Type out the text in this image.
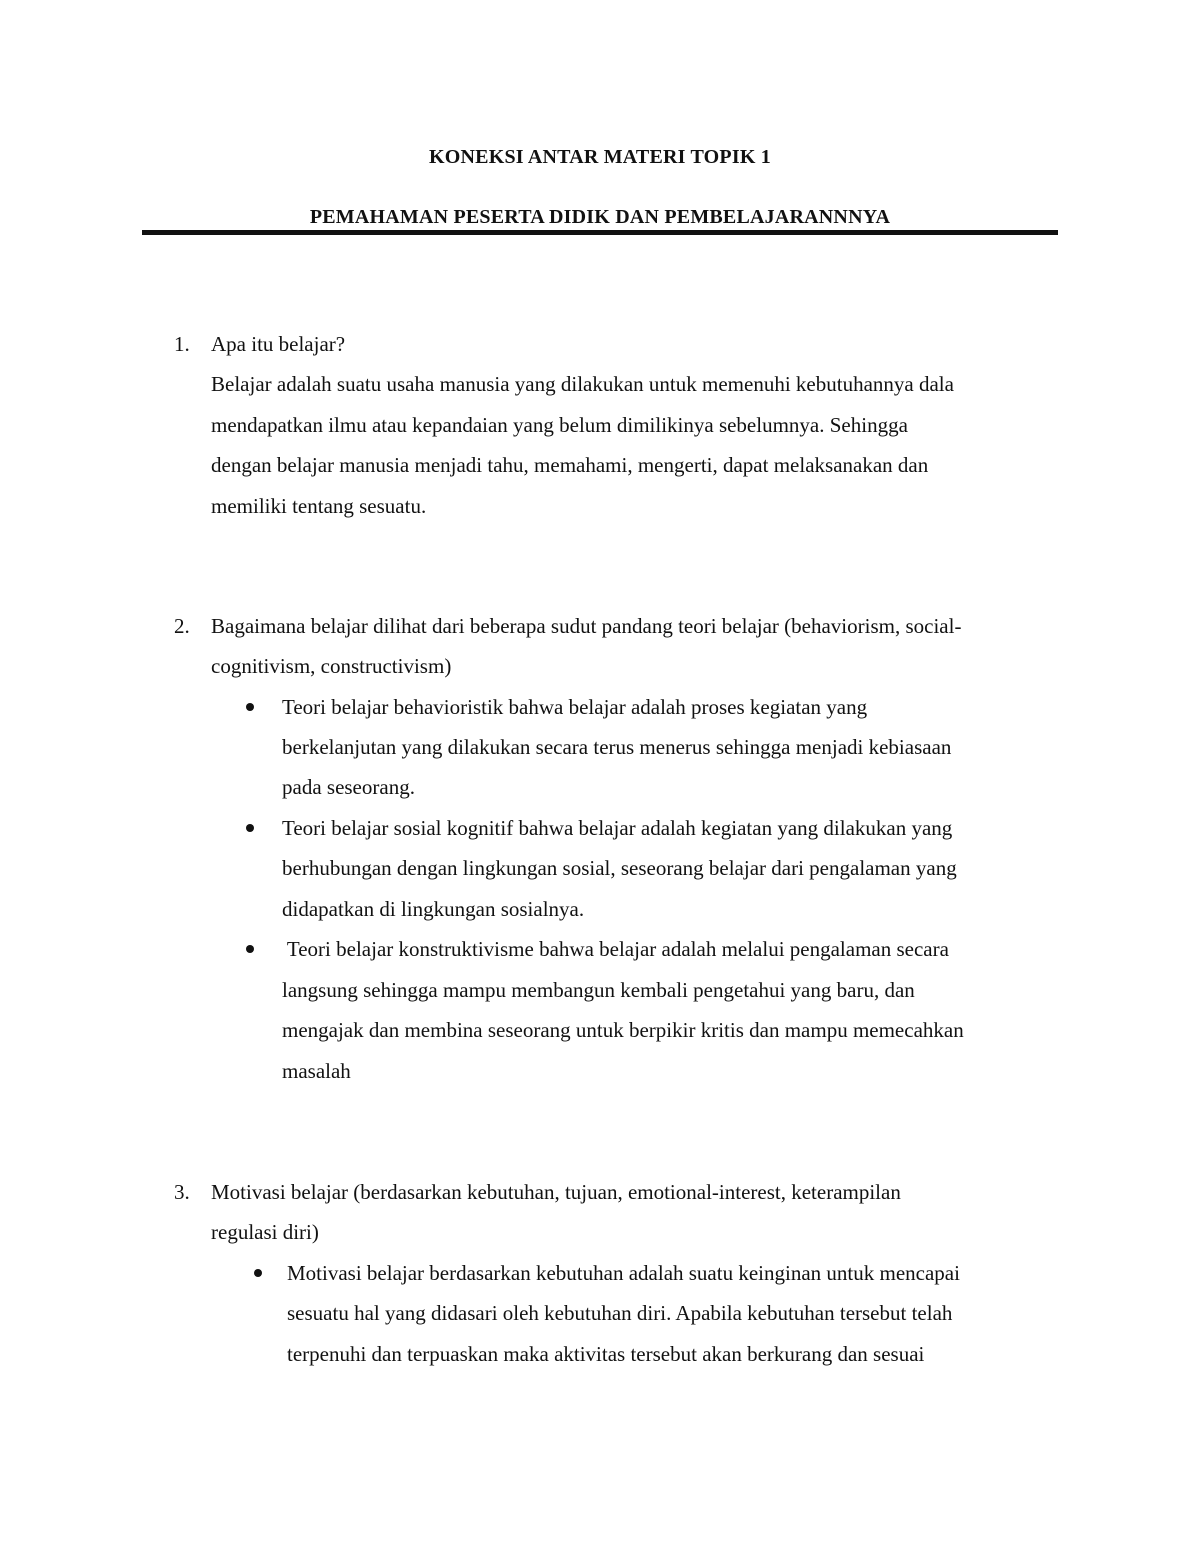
KONEKSI ANTAR MATERI TOPIK 1
PEMAHAMAN PESERTA DIDIK DAN PEMBELAJARANNNYA
1. Apa itu belajar?
Belajar adalah suatu usaha manusia yang dilakukan untuk memenuhi kebutuhannya dala
mendapatkan ilmu atau kepandaian yang belum dimilikinya sebelumnya. Sehingga
dengan belajar manusia menjadi tahu, memahami, mengerti, dapat melaksanakan dan
memiliki tentang sesuatu.
2. Bagaimana belajar dilihat dari beberapa sudut pandang teori belajar (behaviorism, social-
cognitivism, constructivism)
Teori belajar behavioristik bahwa belajar adalah proses kegiatan yang
berkelanjutan yang dilakukan secara terus menerus sehingga menjadi kebiasaan
pada seseorang.
Teori belajar sosial kognitif bahwa belajar adalah kegiatan yang dilakukan yang
berhubungan dengan lingkungan sosial, seseorang belajar dari pengalaman yang
didapatkan di lingkungan sosialnya.
Teori belajar konstruktivisme bahwa belajar adalah melalui pengalaman secara
langsung sehingga mampu membangun kembali pengetahui yang baru, dan
mengajak dan membina seseorang untuk berpikir kritis dan mampu memecahkan
masalah
3. Motivasi belajar (berdasarkan kebutuhan, tujuan, emotional-interest, keterampilan
regulasi diri)
Motivasi belajar berdasarkan kebutuhan adalah suatu keinginan untuk mencapai
sesuatu hal yang didasari oleh kebutuhan diri. Apabila kebutuhan tersebut telah
terpenuhi dan terpuaskan maka aktivitas tersebut akan berkurang dan sesuai
